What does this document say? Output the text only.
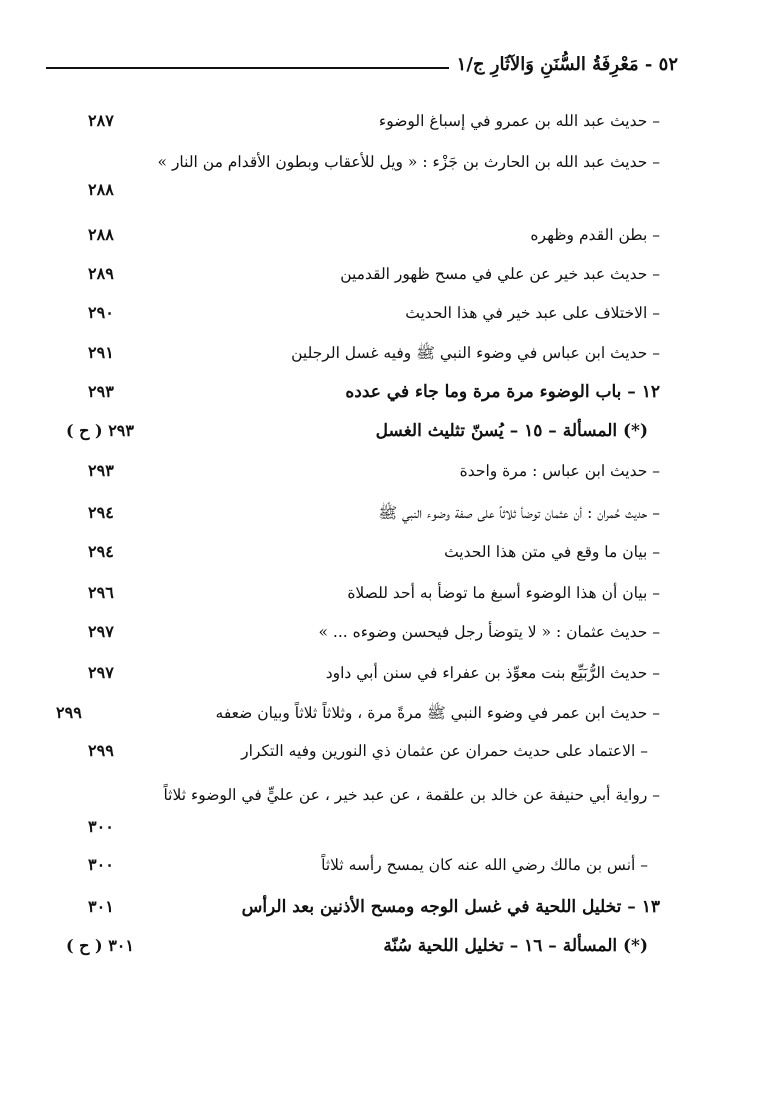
٥٢ - مَعْرِفَةُ السُّنَنِ وَالآثَارِ ج/١
– حديث عبد الله بن عمرو في إسباغ الوضوء
٢٨٧
– حديث عبد الله بن الحارث بن جَزْء : « ويل للأعقاب وبطون الأقدام من النار »
٢٨٨
– بطن القدم وظهره
٢٨٨
– حديث عبد خير عن علي في مسح ظهور القدمين
٢٨٩
– الاختلاف على عبد خير في هذا الحديث
٢٩٠
– حديث ابن عباس في وضوء النبي ﷺ وفيه غسل الرجلين
٢٩١
١٢ – باب الوضوء مرة مرة وما جاء في عدده
٢٩٣
(*) المسألة – ١٥ – يُسنّ تثليث الغسل
٢٩٣ ( ح )
– حديث ابن عباس : مرة واحدة
٢٩٣
– حديث حُمران : أن عثمان توضأ ثلاثاً على صفة وضوء النبي ﷺ
٢٩٤
– بيان ما وقع في متن هذا الحديث
٢٩٤
– بيان أن هذا الوضوء أسبغ ما توضأ به أحد للصلاة
٢٩٦
– حديث عثمان : « لا يتوضأ رجل فيحسن وضوءه ... »
٢٩٧
– حديث الرُّبَيِّع بنت معوِّذ بن عفراء في سنن أبي داود
٢٩٧
– حديث ابن عمر في وضوء النبي ﷺ مرةً مرة ، وثلاثاً ثلاثاً وبيان ضعفه
٢٩٩
– الاعتماد على حديث حمران عن عثمان ذي النورين وفيه التكرار
٢٩٩
– رواية أبي حنيفة عن خالد بن علقمة ، عن عبد خير ، عن عليٍّ في الوضوء ثلاثاً
٣٠٠
– أنس بن مالك رضي الله عنه كان يمسح رأسه ثلاثاً
٣٠٠
١٣ – تخليل اللحية في غسل الوجه ومسح الأذنين بعد الرأس
٣٠١
(*) المسألة – ١٦ – تخليل اللحية سُنّة
٣٠١ ( ح )
